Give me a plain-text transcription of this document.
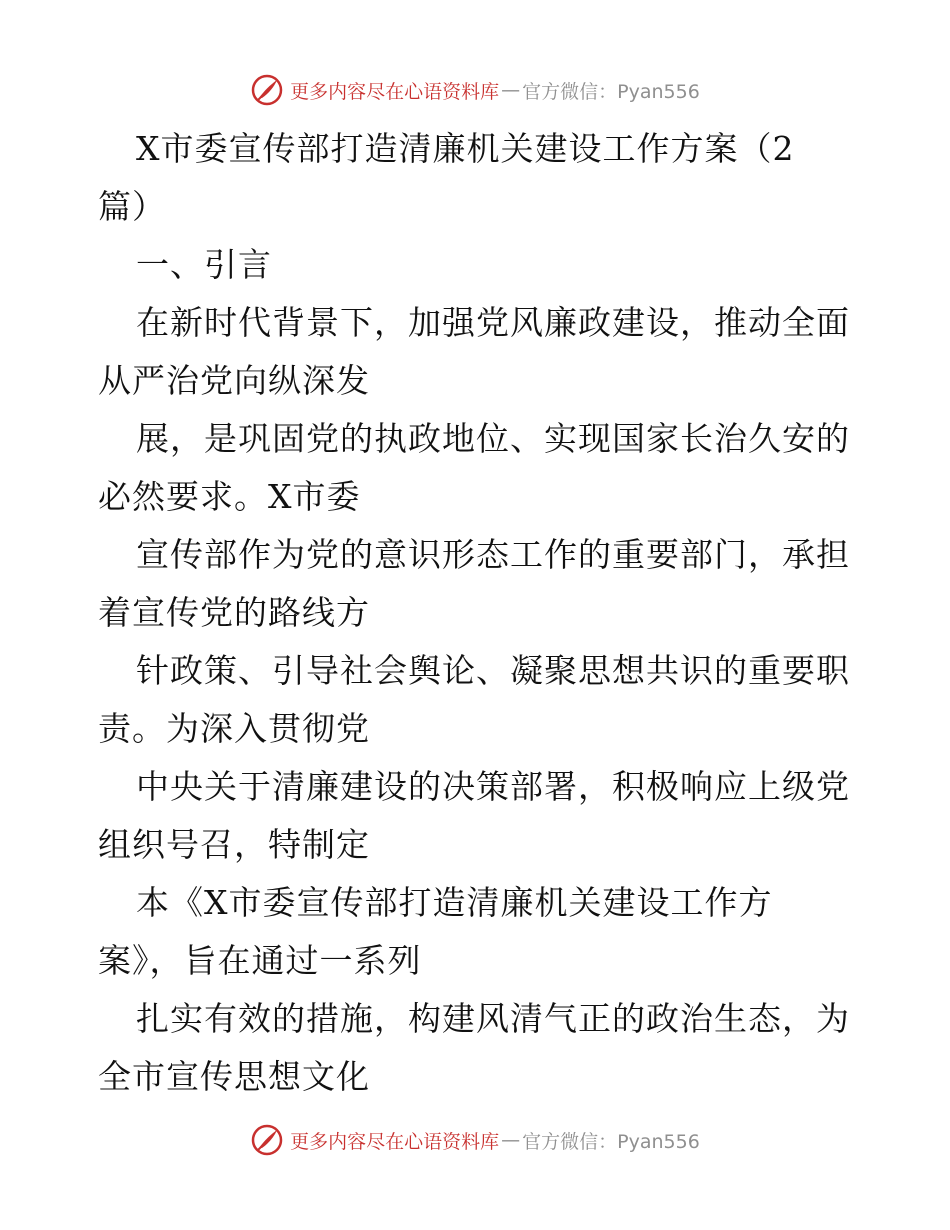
更多内容尽在心语资料库 — 官方微信：Pyan556
X市委宣传部打造清廉机关建设工作方案（2
篇）
一、引言
在新时代背景下，加强党风廉政建设，推动全面
从严治党向纵深发
展，是巩固党的执政地位、实现国家长治久安的
必然要求。X市委
宣传部作为党的意识形态工作的重要部门，承担
着宣传党的路线方
针政策、引导社会舆论、凝聚思想共识的重要职
责。为深入贯彻党
中央关于清廉建设的决策部署，积极响应上级党
组织号召，特制定
本《X市委宣传部打造清廉机关建设工作方
案》，旨在通过一系列
扎实有效的措施，构建风清气正的政治生态，为
全市宣传思想文化
更多内容尽在心语资料库 — 官方微信：Pyan556
